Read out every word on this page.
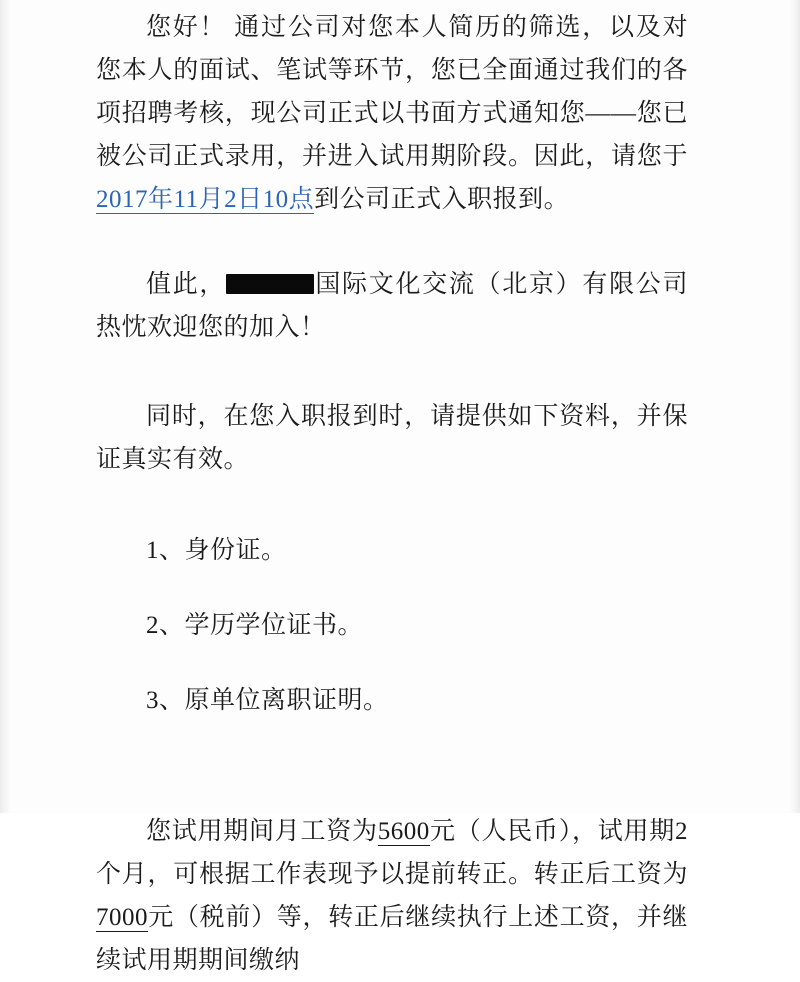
您好！ 通过公司对您本人简历的筛选，以及对您本人的面试、笔试等环节，您已全面通过我们的各项招聘考核，现公司正式以书面方式通知您——您已被公司正式录用，并进入试用期阶段。因此，请您于2017年11月2日10点到公司正式入职报到。

值此，	国际文化交流（北京）有限公司热忱欢迎您的加入！

同时，在您入职报到时，请提供如下资料，并保证真实有效。

1、身份证。

2、学历学位证书。

3、原单位离职证明。

您试用期间月工资为5600元（人民币），试用期2个月，可根据工作表现予以提前转正。转正后工资为7000元（税前）等，转正后继续执行上述工资，并继续试用期期间缴纳
